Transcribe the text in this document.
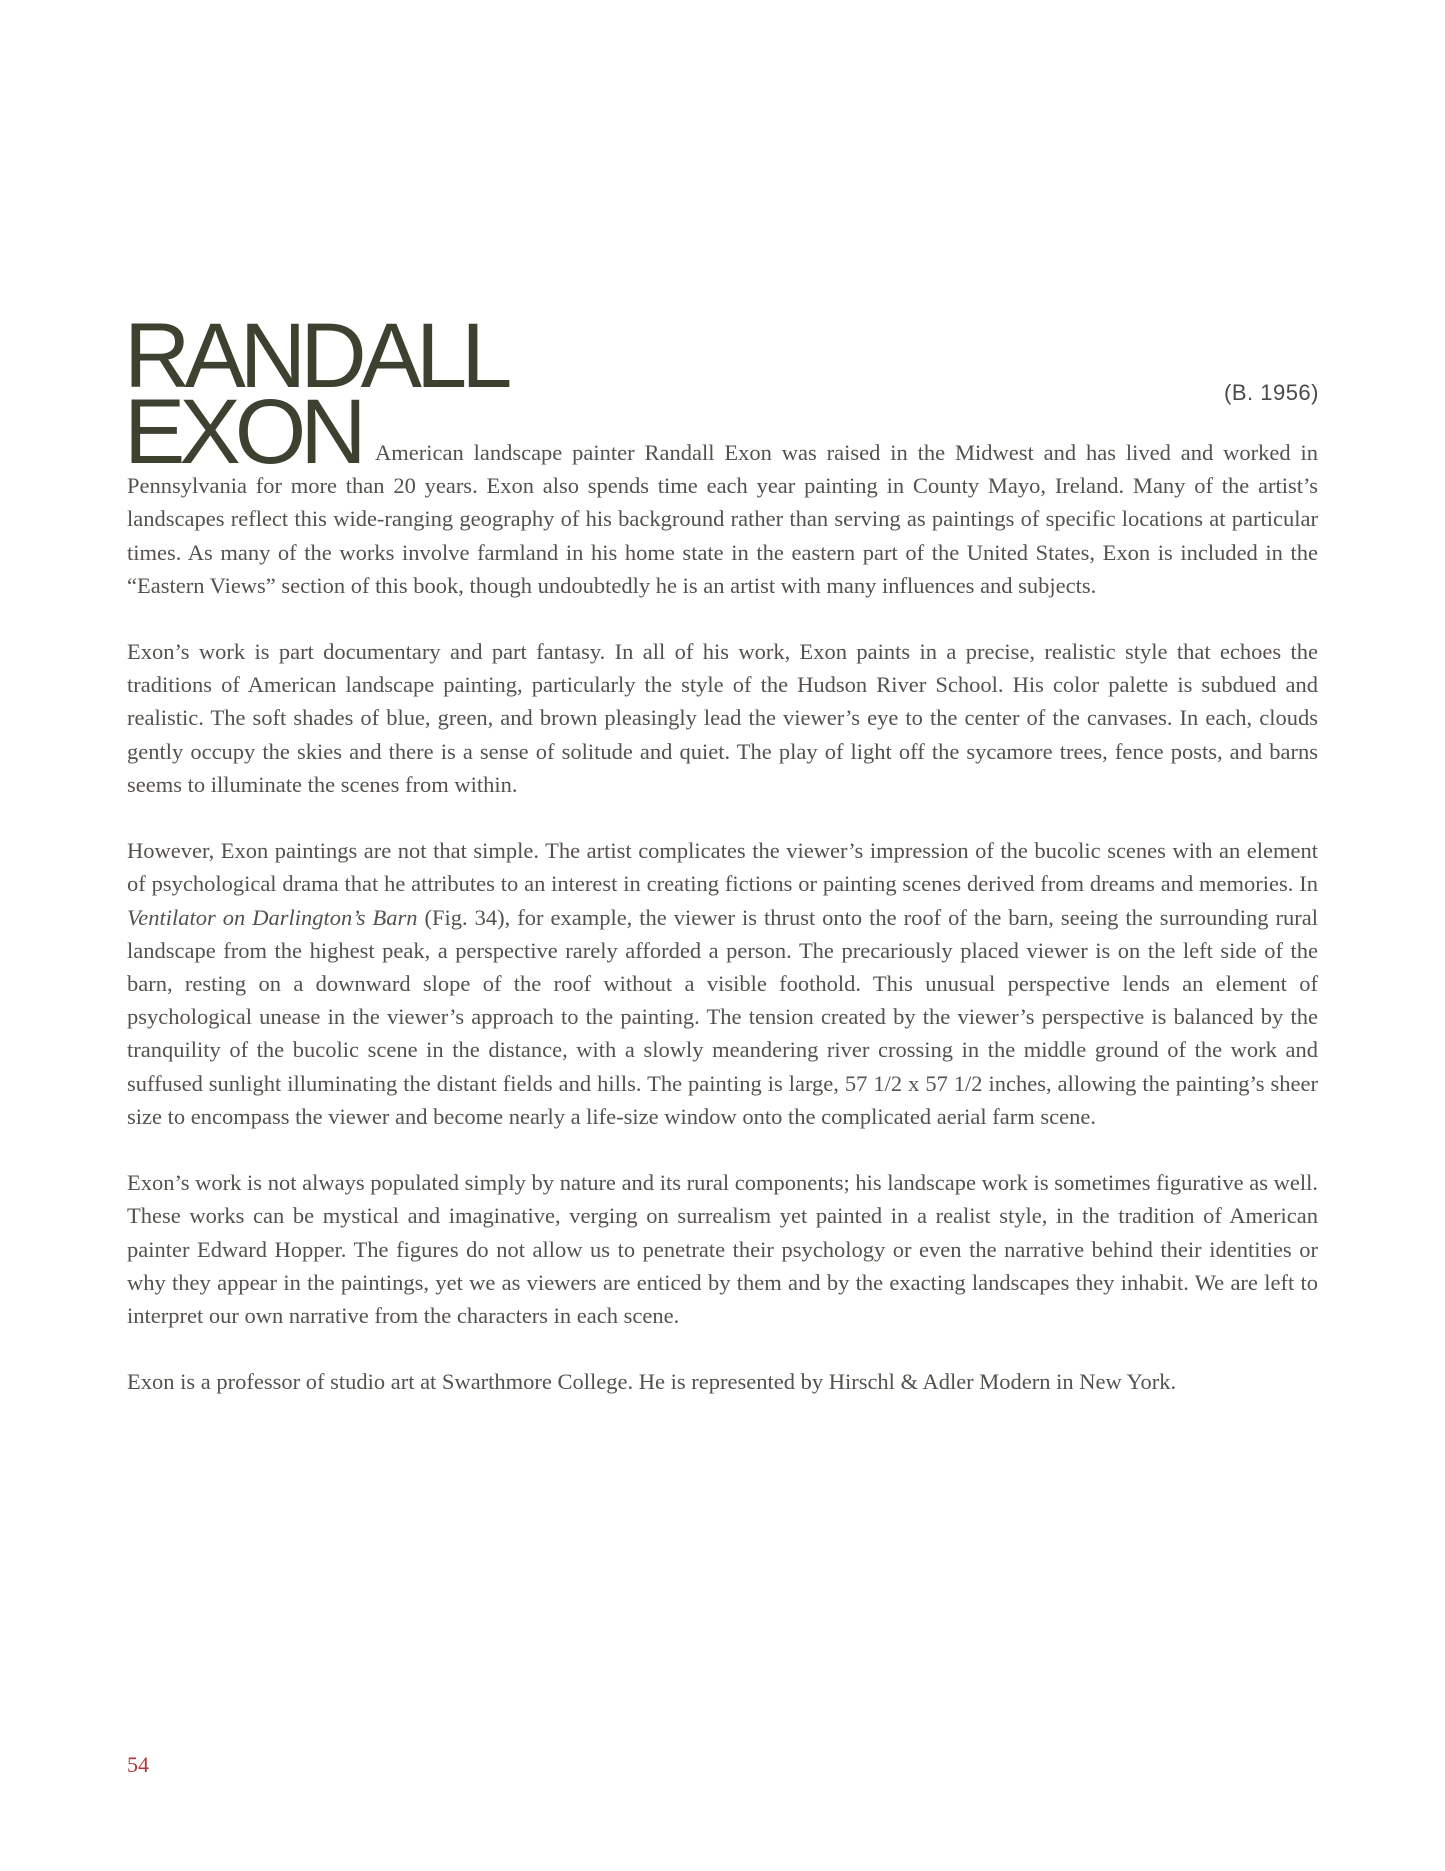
RANDALL
EXON	(B. 1956)

American landscape painter Randall Exon was raised in the Midwest and has lived and worked in Pennsylvania for more than 20 years. Exon also spends time each year painting in County Mayo, Ireland. Many of the artist’s landscapes reflect this wide-ranging geography of his background rather than serving as paintings of specific locations at particular times. As many of the works involve farmland in his home state in the eastern part of the United States, Exon is included in the “Eastern Views” section of this book, though undoubtedly he is an artist with many influences and subjects.

Exon’s work is part documentary and part fantasy. In all of his work, Exon paints in a precise, realistic style that echoes the traditions of American landscape painting, particularly the style of the Hudson River School. His color palette is subdued and realistic. The soft shades of blue, green, and brown pleasingly lead the viewer’s eye to the center of the canvases. In each, clouds gently occupy the skies and there is a sense of solitude and quiet. The play of light off the sycamore trees, fence posts, and barns seems to illuminate the scenes from within.

However, Exon paintings are not that simple. The artist complicates the viewer’s impression of the bucolic scenes with an element of psychological drama that he attributes to an interest in creating fictions or painting scenes derived from dreams and memories. In Ventilator on Darlington’s Barn (Fig. 34), for example, the viewer is thrust onto the roof of the barn, seeing the surrounding rural landscape from the highest peak, a perspective rarely afforded a person. The precariously placed viewer is on the left side of the barn, resting on a downward slope of the roof without a visible foothold. This unusual perspective lends an element of psychological unease in the viewer’s approach to the painting. The tension created by the viewer’s perspective is balanced by the tranquility of the bucolic scene in the distance, with a slowly meandering river crossing in the middle ground of the work and suffused sunlight illuminating the distant fields and hills. The painting is large, 57 1/2 x 57 1/2 inches, allowing the painting’s sheer size to encompass the viewer and become nearly a life-size window onto the complicated aerial farm scene.

Exon’s work is not always populated simply by nature and its rural components; his landscape work is sometimes figurative as well. These works can be mystical and imaginative, verging on surrealism yet painted in a realist style, in the tradition of American painter Edward Hopper. The figures do not allow us to penetrate their psychology or even the narrative behind their identities or why they appear in the paintings, yet we as viewers are enticed by them and by the exacting landscapes they inhabit. We are left to interpret our own narrative from the characters in each scene.

Exon is a professor of studio art at Swarthmore College. He is represented by Hirschl & Adler Modern in New York.

54
